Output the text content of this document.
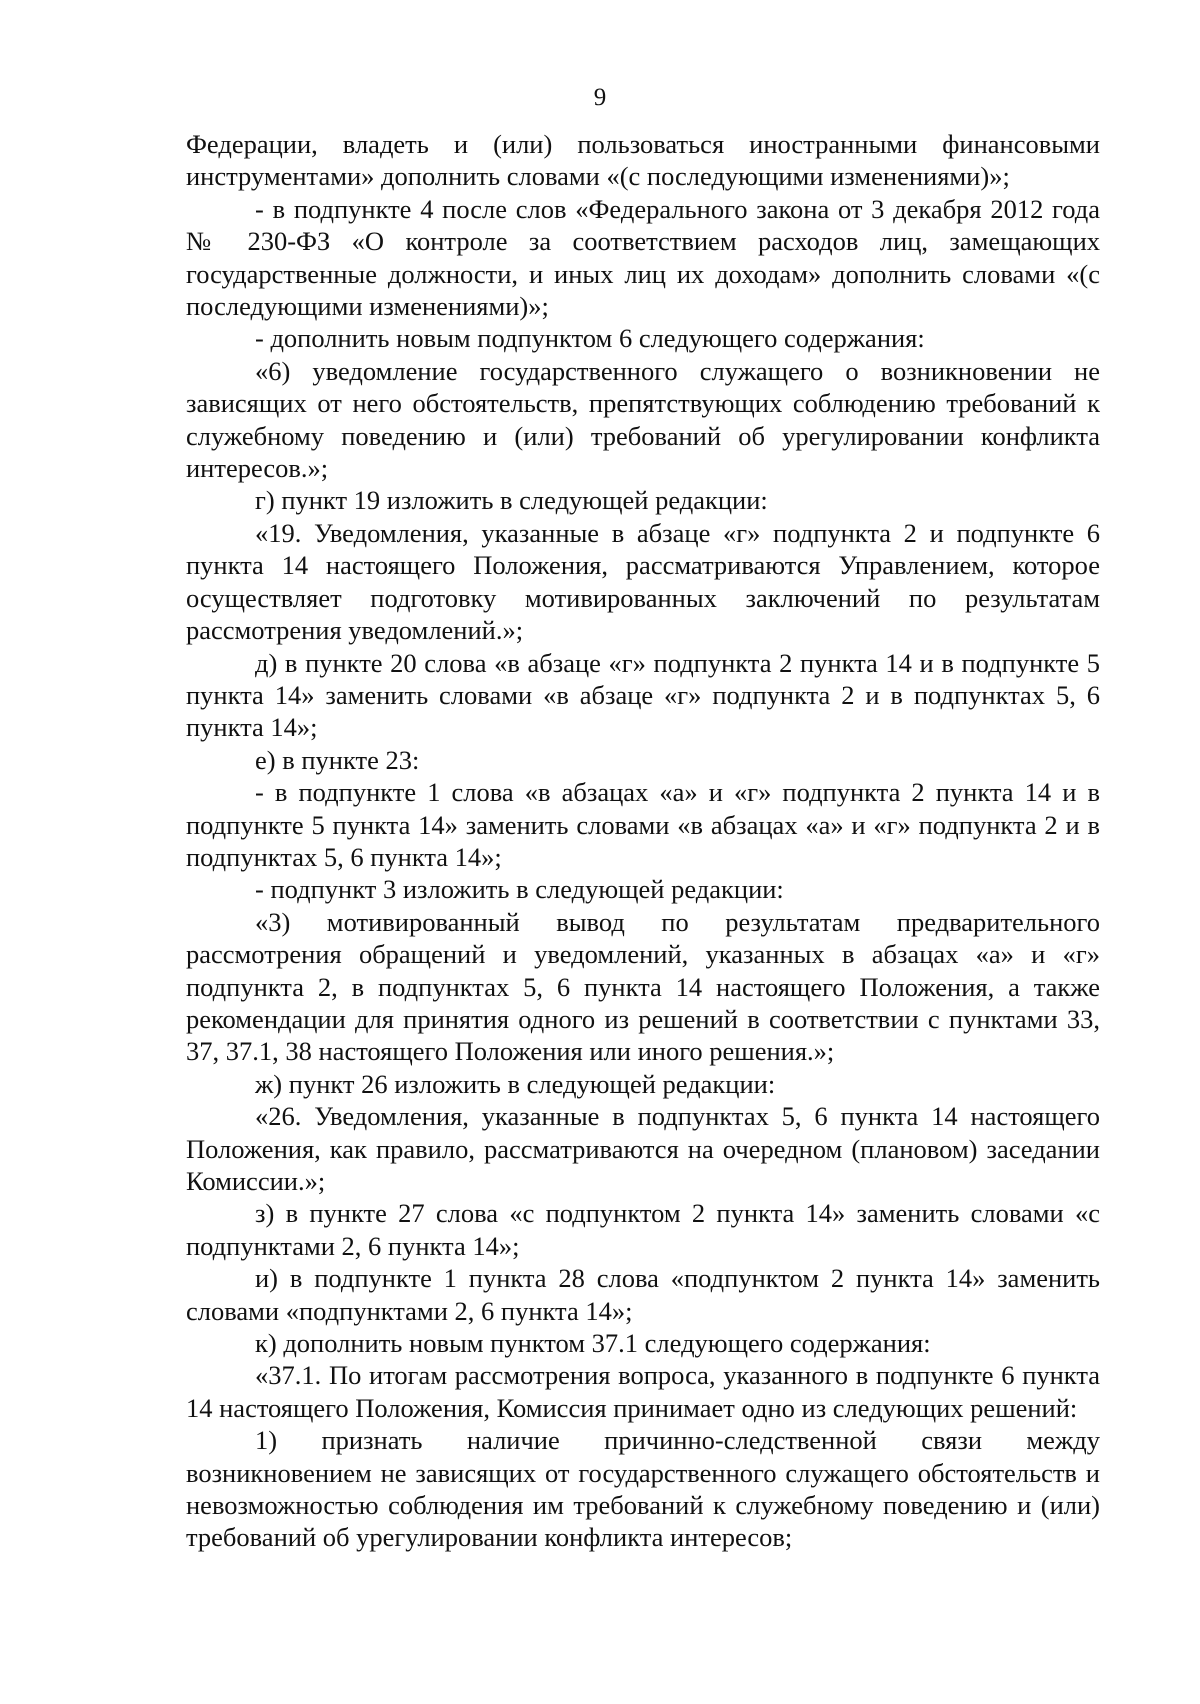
9

Федерации, владеть и (или) пользоваться иностранными финансовыми инструментами» дополнить словами «(с последующими изменениями)»;

- в подпункте 4 после слов «Федерального закона от 3 декабря 2012 года № 230-ФЗ «О контроле за соответствием расходов лиц, замещающих государственные должности, и иных лиц их доходам» дополнить словами «(с последующими изменениями)»;

- дополнить новым подпунктом 6 следующего содержания:

«6) уведомление государственного служащего о возникновении не зависящих от него обстоятельств, препятствующих соблюдению требований к служебному поведению и (или) требований об урегулировании конфликта интересов.»;

г) пункт 19 изложить в следующей редакции:

«19. Уведомления, указанные в абзаце «г» подпункта 2 и подпункте 6 пункта 14 настоящего Положения, рассматриваются Управлением, которое осуществляет подготовку мотивированных заключений по результатам рассмотрения уведомлений.»;

д) в пункте 20 слова «в абзаце «г» подпункта 2 пункта 14 и в подпункте 5 пункта 14» заменить словами «в абзаце «г» подпункта 2 и в подпунктах 5, 6 пункта 14»;

е) в пункте 23:

- в подпункте 1 слова «в абзацах «а» и «г» подпункта 2 пункта 14 и в подпункте 5 пункта 14» заменить словами «в абзацах «а» и «г» подпункта 2 и в подпунктах 5, 6 пункта 14»;

- подпункт 3 изложить в следующей редакции:

«3) мотивированный вывод по результатам предварительного рассмотрения обращений и уведомлений, указанных в абзацах «а» и «г» подпункта 2, в подпунктах 5, 6 пункта 14 настоящего Положения, а также рекомендации для принятия одного из решений в соответствии с пунктами 33, 37, 37.1, 38 настоящего Положения или иного решения.»;

ж) пункт 26 изложить в следующей редакции:

«26. Уведомления, указанные в подпунктах 5, 6 пункта 14 настоящего Положения, как правило, рассматриваются на очередном (плановом) заседании Комиссии.»;

з) в пункте 27 слова «с подпунктом 2 пункта 14» заменить словами «с подпунктами 2, 6 пункта 14»;

и) в подпункте 1 пункта 28 слова «подпунктом 2 пункта 14» заменить словами «подпунктами 2, 6 пункта 14»;

к) дополнить новым пунктом 37.1 следующего содержания:

«37.1. По итогам рассмотрения вопроса, указанного в подпункте 6 пункта 14 настоящего Положения, Комиссия принимает одно из следующих решений:

1) признать наличие причинно-следственной связи между возникновением не зависящих от государственного служащего обстоятельств и невозможностью соблюдения им требований к служебному поведению и (или) требований об урегулировании конфликта интересов;
